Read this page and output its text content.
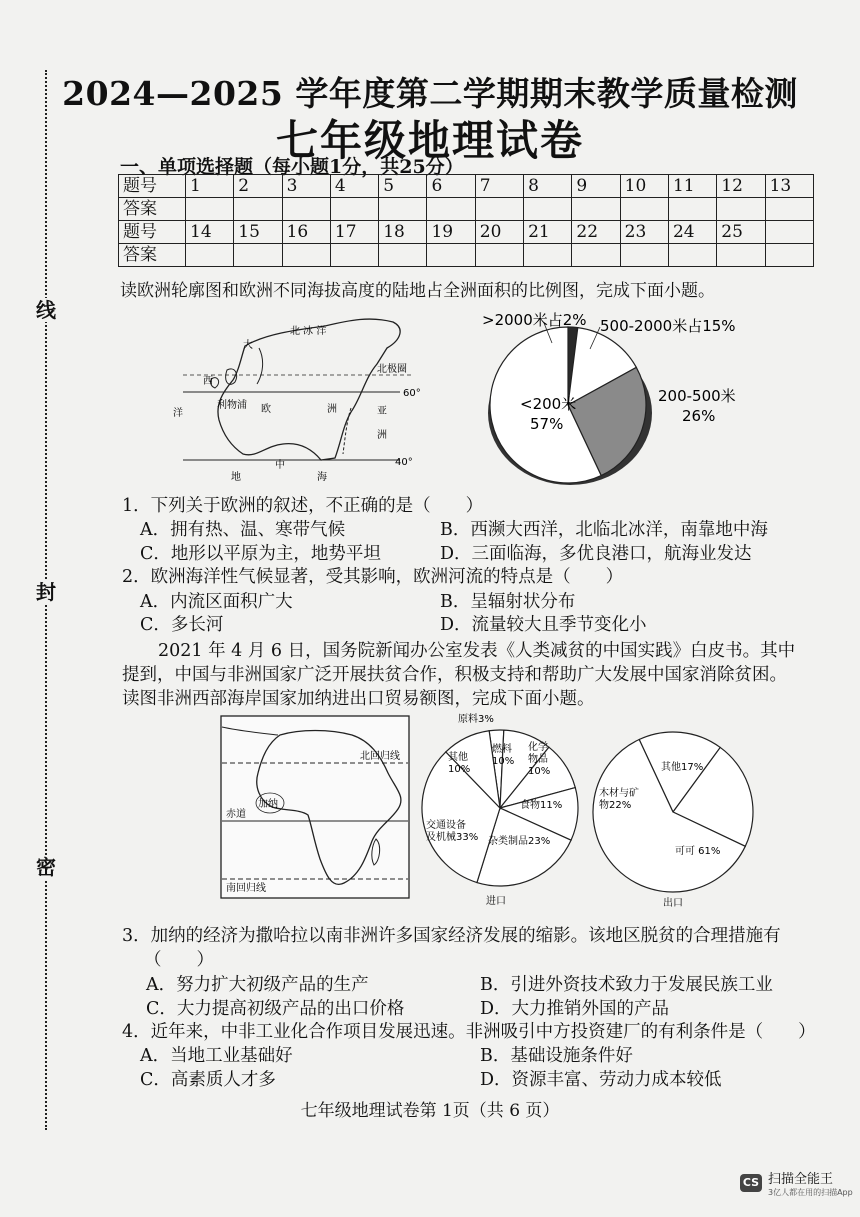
线
封
密
2024—2025 学年度第二学期期末教学质量检测
七年级地理试卷
一、单项选择题（每小题1分，共25分）
题号	1	2	3	4	5	6	7	8	9	10	11	12	13
答案													
题号	14	15	16	17	18	19	20	21	22	23	24	25	
答案													
读欧洲轮廓图和欧洲不同海拔高度的陆地占全洲面积的比例图，完成下面小题。
北 冰 洋
大
西
洋
北极圈
60°
40°
利物浦 欧	洲	亚
洲
地
中
海
>2000米占2% 500-2000米占15%
200-500米
26%
<200米
57%
1．下列关于欧洲的叙述，不正确的是（　　）
A．拥有热、温、寒带气候	B．西濒大西洋，北临北冰洋，南靠地中海
C．地形以平原为主，地势平坦	D．三面临海，多优良港口，航海业发达
2．欧洲海洋性气候显著，受其影响，欧洲河流的特点是（　　）
A．内流区面积广大	B．呈辐射状分布
C．多长河	D．流量较大且季节变化小
2021 年 4 月 6 日，国务院新闻办公室发表《人类减贫的中国实践》白皮书。其中
提到，中国与非洲国家广泛开展扶贫合作，积极支持和帮助广大发展中国家消除贫困。
读图非洲西部海岸国家加纳进出口贸易额图，完成下面小题。
北回归线
加纳
赤道
南回归线
原料3%
其他
10%
燃料
10%
化学
物品
10%
食物11%
杂类制品23%
交通设备
及机械33%
进口
其他17%
木材与矿
物22%
可可 61%
出口
3．加纳的经济为撒哈拉以南非洲许多国家经济发展的缩影。该地区脱贫的合理措施有
（　　）
A．努力扩大初级产品的生产	B．引进外资技术致力于发展民族工业
C．大力提高初级产品的出口价格	D．大力推销外国的产品
4．近年来，中非工业化合作项目发展迅速。非洲吸引中方投资建厂的有利条件是（　　）
A．当地工业基础好	B．基础设施条件好
C．高素质人才多	D．资源丰富、劳动力成本较低
七年级地理试卷第 1页（共 6 页）
CS 扫描全能王
3亿人都在用的扫描App
